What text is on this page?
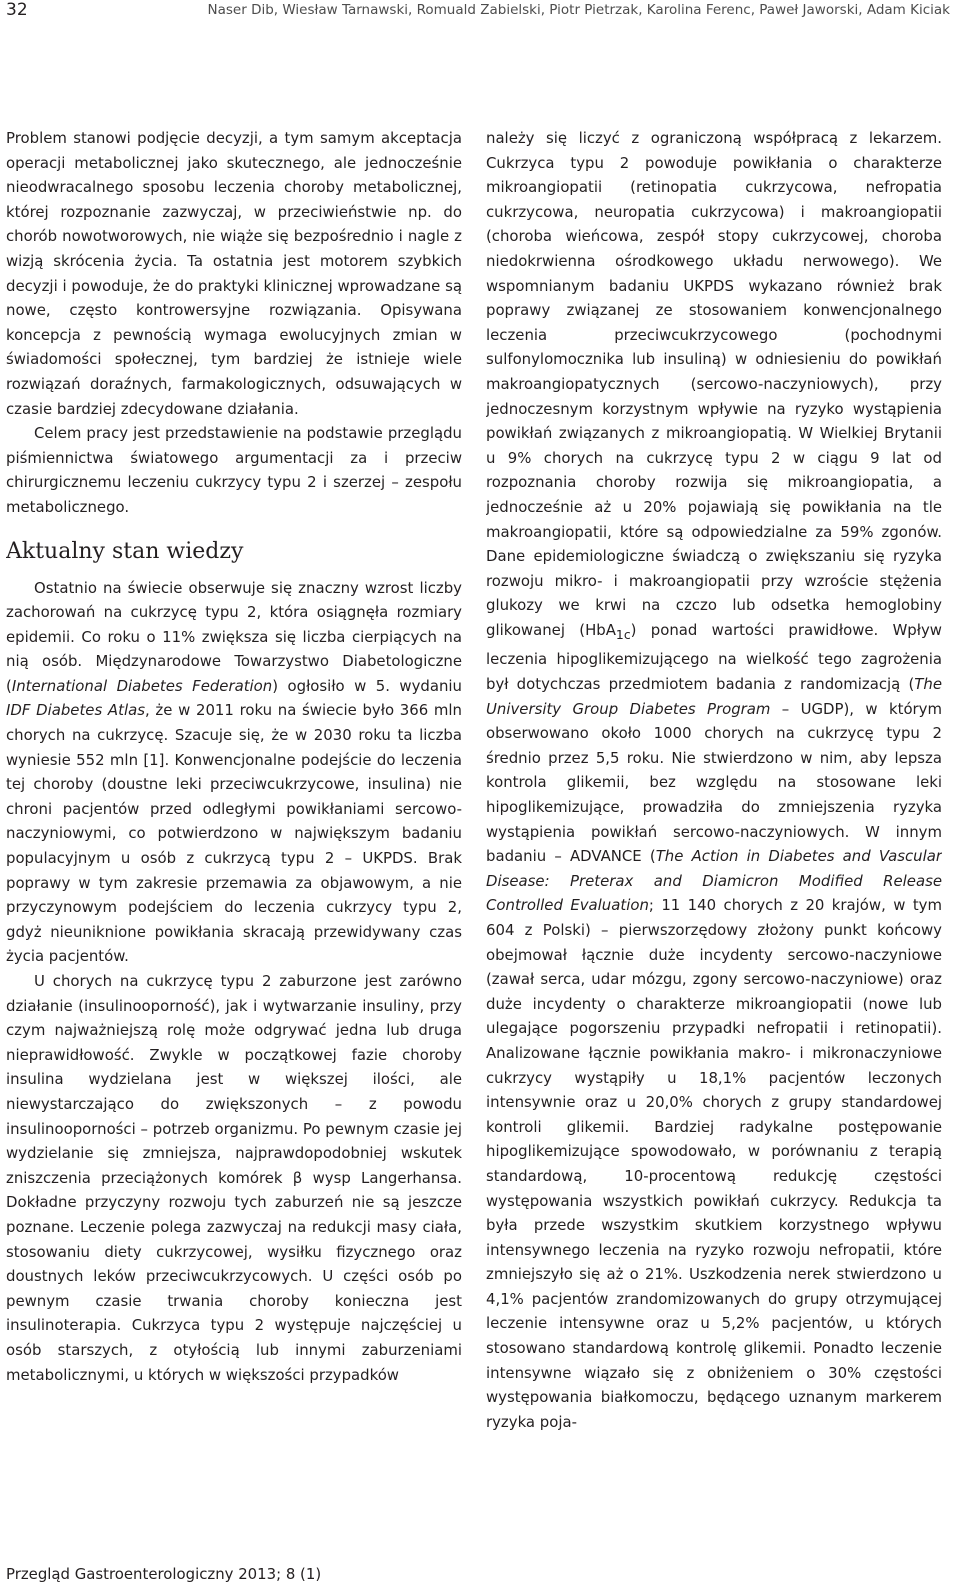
32	Naser Dib, Wiesław Tarnawski, Romuald Zabielski, Piotr Pietrzak, Karolina Ferenc, Paweł Jaworski, Adam Kiciak

Problem stanowi podjęcie decyzji, a tym samym akceptacja operacji metabolicznej jako skutecznego, ale jednocześnie nieodwracalnego sposobu leczenia choroby metabolicznej, której rozpoznanie zazwyczaj, w przeciwieństwie np. do chorób nowotworowych, nie wiąże się bezpośrednio i nagle z wizją skrócenia życia. Ta ostatnia jest motorem szybkich decyzji i powoduje, że do praktyki klinicznej wprowadzane są nowe, często kontrowersyjne rozwiązania. Opisywana koncepcja z pewnością wymaga ewolucyjnych zmian w świadomości społecznej, tym bardziej że istnieje wiele rozwiązań doraźnych, farmakologicznych, odsuwających w czasie bardziej zdecydowane działania.

Celem pracy jest przedstawienie na podstawie przeglądu piśmiennictwa światowego argumentacji za i przeciw chirurgicznemu leczeniu cukrzycy typu 2 i szerzej – zespołu metabolicznego.

Aktualny stan wiedzy

Ostatnio na świecie obserwuje się znaczny wzrost liczby zachorowań na cukrzycę typu 2, która osiągnęła rozmiary epidemii. Co roku o 11% zwiększa się liczba cierpiących na nią osób. Międzynarodowe Towarzystwo Diabetologiczne (International Diabetes Federation) ogłosiło w 5. wydaniu IDF Diabetes Atlas, że w 2011 roku na świecie było 366 mln chorych na cukrzycę. Szacuje się, że w 2030 roku ta liczba wyniesie 552 mln [1]. Konwencjonalne podejście do leczenia tej choroby (doustne leki przeciwcukrzycowe, insulina) nie chroni pacjentów przed odległymi powikłaniami sercowo-naczyniowymi, co potwierdzono w największym badaniu populacyjnym u osób z cukrzycą typu 2 – UKPDS. Brak poprawy w tym zakresie przemawia za objawowym, a nie przyczynowym podejściem do leczenia cukrzycy typu 2, gdyż nieuniknione powikłania skracają przewidywany czas życia pacjentów.

U chorych na cukrzycę typu 2 zaburzone jest zarówno działanie (insulinooporność), jak i wytwarzanie insuliny, przy czym najważniejszą rolę może odgrywać jedna lub druga nieprawidłowość. Zwykle w początkowej fazie choroby insulina wydzielana jest w większej ilości, ale niewystarczająco do zwiększonych – z powodu insulinooporności – potrzeb organizmu. Po pewnym czasie jej wydzielanie się zmniejsza, najprawdopodobniej wskutek zniszczenia przeciążonych komórek β wysp Langerhansa. Dokładne przyczyny rozwoju tych zaburzeń nie są jeszcze poznane. Leczenie polega zazwyczaj na redukcji masy ciała, stosowaniu diety cukrzycowej, wysiłku fizycznego oraz doustnych leków przeciwcukrzycowych. U części osób po pewnym czasie trwania choroby konieczna jest insulinoterapia. Cukrzyca typu 2 występuje najczęściej u osób starszych, z otyłością lub innymi zaburzeniami metabolicznymi, u których w większości przypadków

należy się liczyć z ograniczoną współpracą z lekarzem. Cukrzyca typu 2 powoduje powikłania o charakterze mikroangiopatii (retinopatia cukrzycowa, nefropatia cukrzycowa, neuropatia cukrzycowa) i makroangiopatii (choroba wieńcowa, zespół stopy cukrzycowej, choroba niedokrwienna ośrodkowego układu nerwowego). We wspomnianym badaniu UKPDS wykazano również brak poprawy związanej ze stosowaniem konwencjonalnego leczenia przeciwcukrzycowego (pochodnymi sulfonylomocznika lub insuliną) w odniesieniu do powikłań makroangiopatycznych (sercowo-naczyniowych), przy jednoczesnym korzystnym wpływie na ryzyko wystąpienia powikłań związanych z mikroangiopatią. W Wielkiej Brytanii u 9% chorych na cukrzycę typu 2 w ciągu 9 lat od rozpoznania choroby rozwija się mikroangiopatia, a jednocześnie aż u 20% pojawiają się powikłania na tle makroangiopatii, które są odpowiedzialne za 59% zgonów. Dane epidemiologiczne świadczą o zwiększaniu się ryzyka rozwoju mikro- i makroangiopatii przy wzroście stężenia glukozy we krwi na czczo lub odsetka hemoglobiny glikowanej (HbA$_{1c}$) ponad wartości prawidłowe. Wpływ leczenia hipoglikemizującego na wielkość tego zagrożenia był dotychczas przedmiotem badania z randomizacją (The University Group Diabetes Program – UGDP), w którym obserwowano około 1000 chorych na cukrzycę typu 2 średnio przez 5,5 roku. Nie stwierdzono w nim, aby lepsza kontrola glikemii, bez względu na stosowane leki hipoglikemizujące, prowadziła do zmniejszenia ryzyka wystąpienia powikłań sercowo-naczyniowych. W innym badaniu – ADVANCE (The Action in Diabetes and Vascular Disease: Preterax and Diamicron Modified Release Controlled Evaluation; 11 140 chorych z 20 krajów, w tym 604 z Polski) – pierwszorzędowy złożony punkt końcowy obejmował łącznie duże incydenty sercowo-naczyniowe (zawał serca, udar mózgu, zgony sercowo-naczyniowe) oraz duże incydenty o charakterze mikroangiopatii (nowe lub ulegające pogorszeniu przypadki nefropatii i retinopatii). Analizowane łącznie powikłania makro- i mikronaczyniowe cukrzycy wystąpiły u 18,1% pacjentów leczonych intensywnie oraz u 20,0% chorych z grupy standardowej kontroli glikemii. Bardziej radykalne postępowanie hipoglikemizujące spowodowało, w porównaniu z terapią standardową, 10-procentową redukcję częstości występowania wszystkich powikłań cukrzycy. Redukcja ta była przede wszystkim skutkiem korzystnego wpływu intensywnego leczenia na ryzyko rozwoju nefropatii, które zmniejszyło się aż o 21%. Uszkodzenia nerek stwierdzono u 4,1% pacjentów zrandomizowanych do grupy otrzymującej leczenie intensywne oraz u 5,2% pacjentów, u których stosowano standardową kontrolę glikemii. Ponadto leczenie intensywne wiązało się z obniżeniem o 30% częstości występowania białkomoczu, będącego uznanym markerem ryzyka poja-

Przegląd Gastroenterologiczny 2013; 8 (1)
